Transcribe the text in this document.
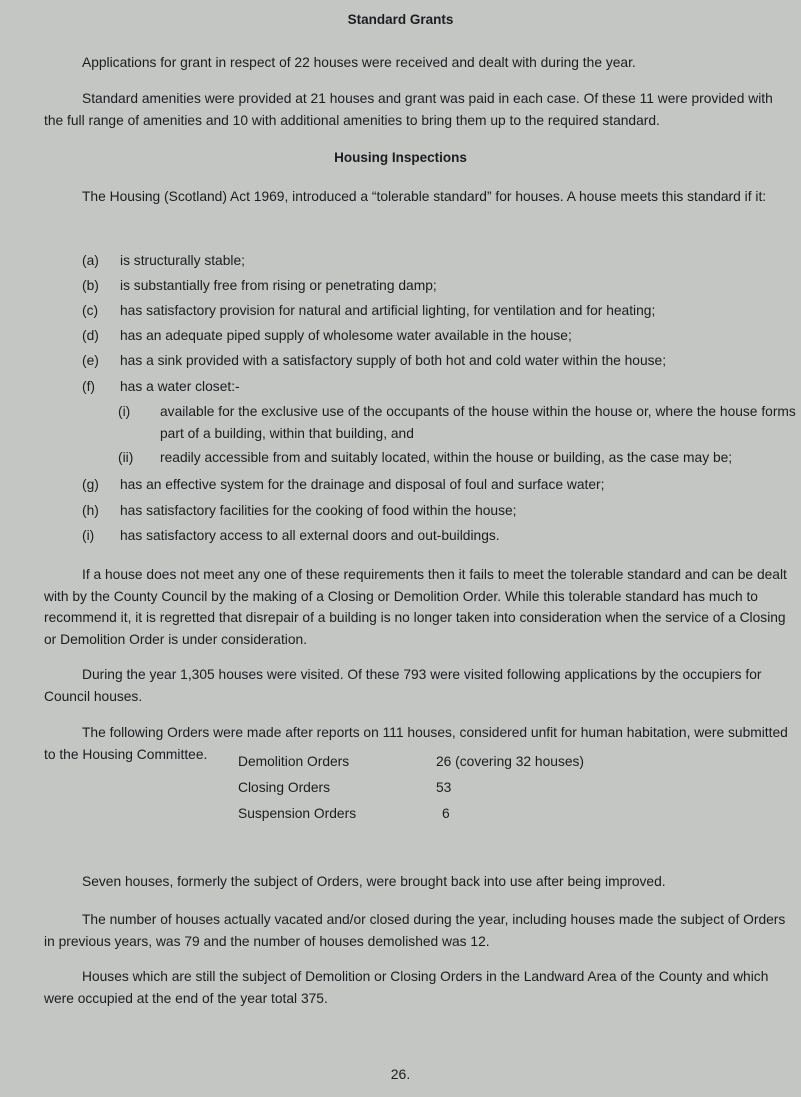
Standard Grants
Applications for grant in respect of 22 houses were received and dealt with during the year.
Standard amenities were provided at 21 houses and grant was paid in each case. Of these 11 were provided with the full range of amenities and 10 with additional amenities to bring them up to the required standard.
Housing Inspections
The Housing (Scotland) Act 1969, introduced a “tolerable standard” for houses. A house meets this standard if it:
(a) is structurally stable;
(b) is substantially free from rising or penetrating damp;
(c) has satisfactory provision for natural and artificial lighting, for ventilation and for heating;
(d) has an adequate piped supply of wholesome water available in the house;
(e) has a sink provided with a satisfactory supply of both hot and cold water within the house;
(f) has a water closet:-
(i) available for the exclusive use of the occupants of the house within the house or, where the house forms part of a building, within that building, and
(ii) readily accessible from and suitably located, within the house or building, as the case may be;
(g) has an effective system for the drainage and disposal of foul and surface water;
(h) has satisfactory facilities for the cooking of food within the house;
(i) has satisfactory access to all external doors and out-buildings.
If a house does not meet any one of these requirements then it fails to meet the tolerable standard and can be dealt with by the County Council by the making of a Closing or Demolition Order. While this tolerable standard has much to recommend it, it is regretted that disrepair of a building is no longer taken into consideration when the service of a Closing or Demolition Order is under consideration.
During the year 1,305 houses were visited. Of these 793 were visited following applications by the occupiers for Council houses.
The following Orders were made after reports on 111 houses, considered unfit for human habitation, were submitted to the Housing Committee.	Demolition Orders	26 (covering 32 houses)
Closing Orders	53
Suspension Orders	6
Seven houses, formerly the subject of Orders, were brought back into use after being improved.
The number of houses actually vacated and/or closed during the year, including houses made the subject of Orders in previous years, was 79 and the number of houses demolished was 12.
Houses which are still the subject of Demolition or Closing Orders in the Landward Area of the County and which were occupied at the end of the year total 375.
26.
